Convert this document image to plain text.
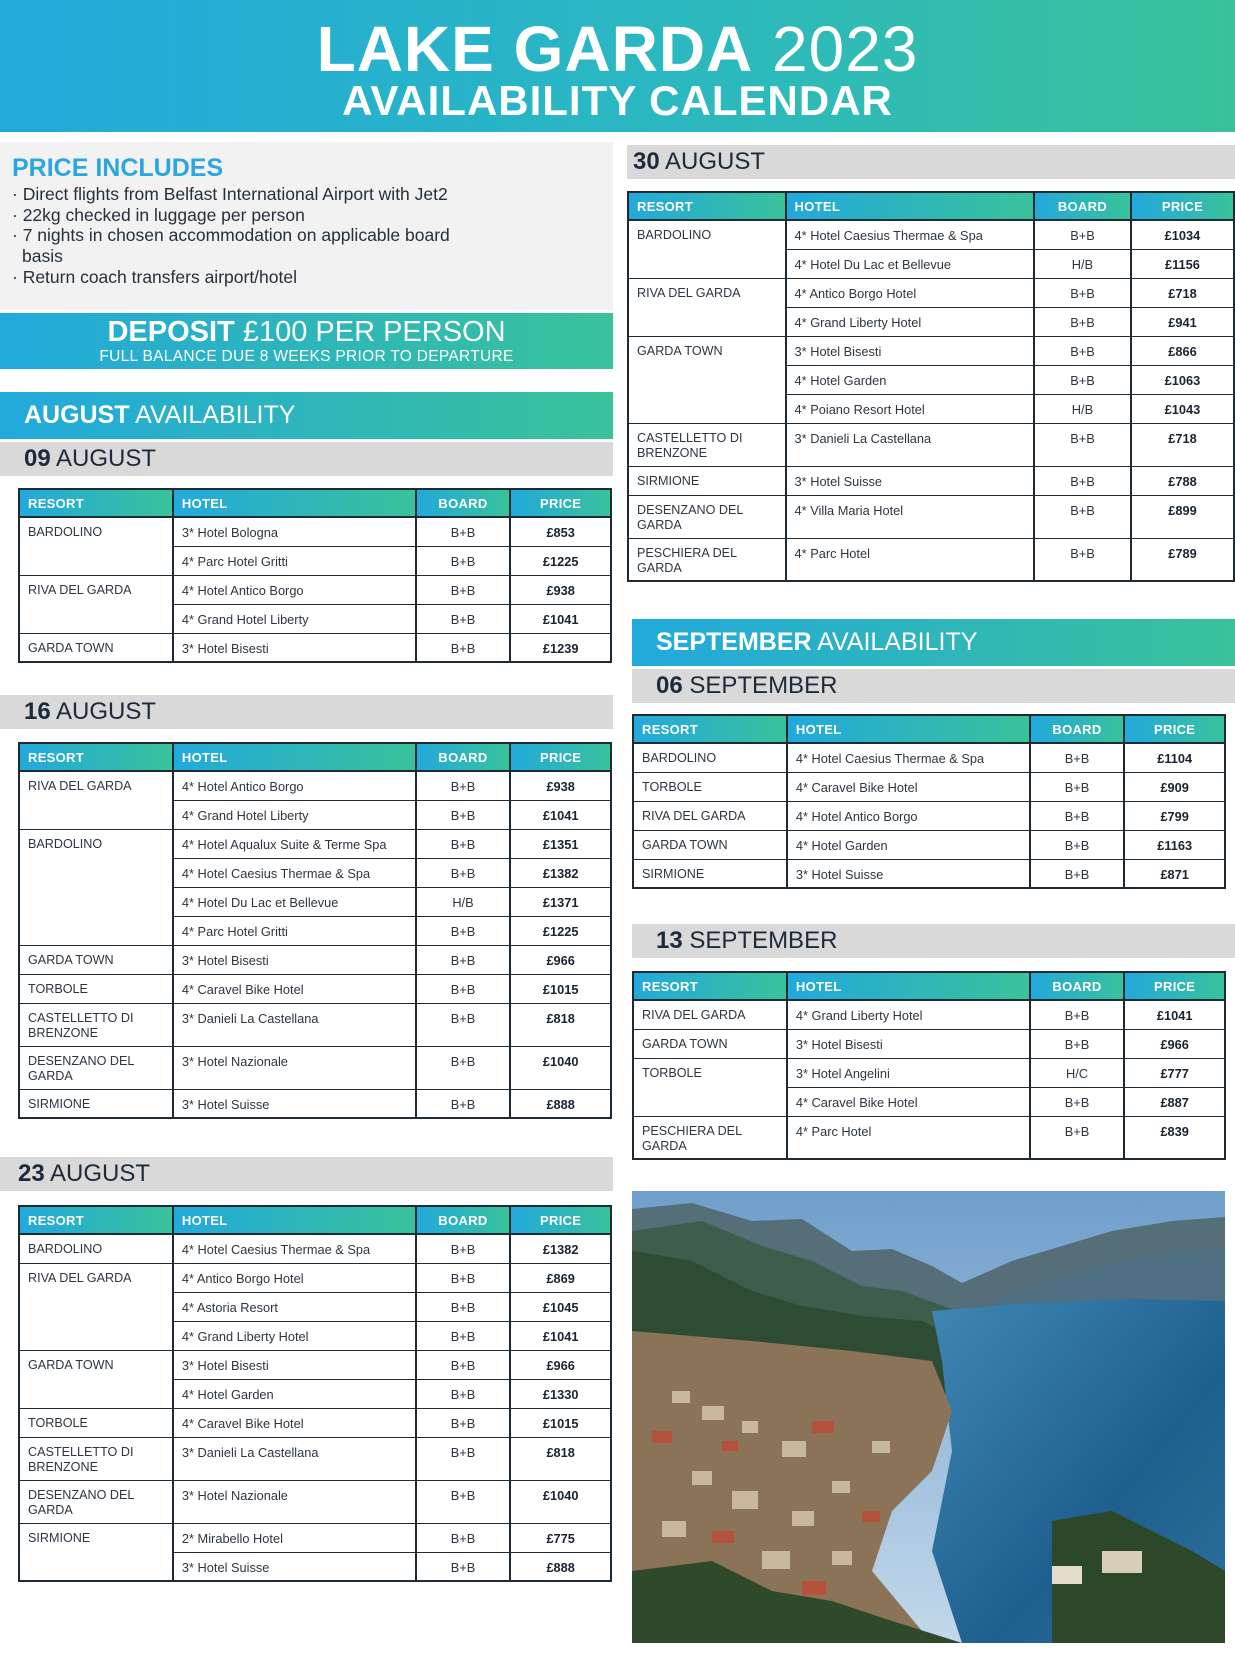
LAKE GARDA 2023
AVAILABILITY CALENDAR
PRICE INCLUDES
· Direct flights from Belfast International Airport with Jet2
· 22kg checked in luggage per person
· 7 nights in chosen accommodation on applicable board basis
· Return coach transfers airport/hotel
DEPOSIT £100 PER PERSON
FULL BALANCE DUE 8 WEEKS PRIOR TO DEPARTURE
AUGUST AVAILABILITY
09 AUGUST
RESORT	HOTEL	BOARD	PRICE
BARDOLINO	3* Hotel Bologna	B+B	£853
	4* Parc Hotel Gritti	B+B	£1225
RIVA DEL GARDA	4* Hotel Antico Borgo	B+B	£938
	4* Grand Hotel Liberty	B+B	£1041
GARDA TOWN	3* Hotel Bisesti	B+B	£1239
16 AUGUST
RESORT	HOTEL	BOARD	PRICE
RIVA DEL GARDA	4* Hotel Antico Borgo	B+B	£938
	4* Grand Hotel Liberty	B+B	£1041
BARDOLINO	4* Hotel Aqualux Suite & Terme Spa	B+B	£1351
	4* Hotel Caesius Thermae & Spa	B+B	£1382
	4* Hotel Du Lac et Bellevue	H/B	£1371
	4* Parc Hotel Gritti	B+B	£1225
GARDA TOWN	3* Hotel Bisesti	B+B	£966
TORBOLE	4* Caravel Bike Hotel	B+B	£1015
CASTELLETTO DI BRENZONE	3* Danieli La Castellana	B+B	£818
DESENZANO DEL GARDA	3* Hotel Nazionale	B+B	£1040
SIRMIONE	3* Hotel Suisse	B+B	£888
23 AUGUST
RESORT	HOTEL	BOARD	PRICE
BARDOLINO	4* Hotel Caesius Thermae & Spa	B+B	£1382
RIVA DEL GARDA	4* Antico Borgo Hotel	B+B	£869
	4* Astoria Resort	B+B	£1045
	4* Grand Liberty Hotel	B+B	£1041
GARDA TOWN	3* Hotel Bisesti	B+B	£966
	4* Hotel Garden	B+B	£1330
TORBOLE	4* Caravel Bike Hotel	B+B	£1015
CASTELLETTO DI BRENZONE	3* Danieli La Castellana	B+B	£818
DESENZANO DEL GARDA	3* Hotel Nazionale	B+B	£1040
SIRMIONE	2* Mirabello Hotel	B+B	£775
	3* Hotel Suisse	B+B	£888
30 AUGUST
RESORT	HOTEL	BOARD	PRICE
BARDOLINO	4* Hotel Caesius Thermae & Spa	B+B	£1034
	4* Hotel Du Lac et Bellevue	H/B	£1156
RIVA DEL GARDA	4* Antico Borgo Hotel	B+B	£718
	4* Grand Liberty Hotel	B+B	£941
GARDA TOWN	3* Hotel Bisesti	B+B	£866
	4* Hotel Garden	B+B	£1063
	4* Poiano Resort Hotel	H/B	£1043
CASTELLETTO DI BRENZONE	3* Danieli La Castellana	B+B	£718
SIRMIONE	3* Hotel Suisse	B+B	£788
DESENZANO DEL GARDA	4* Villa Maria Hotel	B+B	£899
PESCHIERA DEL GARDA	4* Parc Hotel	B+B	£789
SEPTEMBER AVAILABILITY
06 SEPTEMBER
RESORT	HOTEL	BOARD	PRICE
BARDOLINO	4* Hotel Caesius Thermae & Spa	B+B	£1104
TORBOLE	4* Caravel Bike Hotel	B+B	£909
RIVA DEL GARDA	4* Hotel Antico Borgo	B+B	£799
GARDA TOWN	4* Hotel Garden	B+B	£1163
SIRMIONE	3* Hotel Suisse	B+B	£871
13 SEPTEMBER
RESORT	HOTEL	BOARD	PRICE
RIVA DEL GARDA	4* Grand Liberty Hotel	B+B	£1041
GARDA TOWN	3* Hotel Bisesti	B+B	£966
TORBOLE	3* Hotel Angelini	H/C	£777
	4* Caravel Bike Hotel	B+B	£887
PESCHIERA DEL GARDA	4* Parc Hotel	B+B	£839
